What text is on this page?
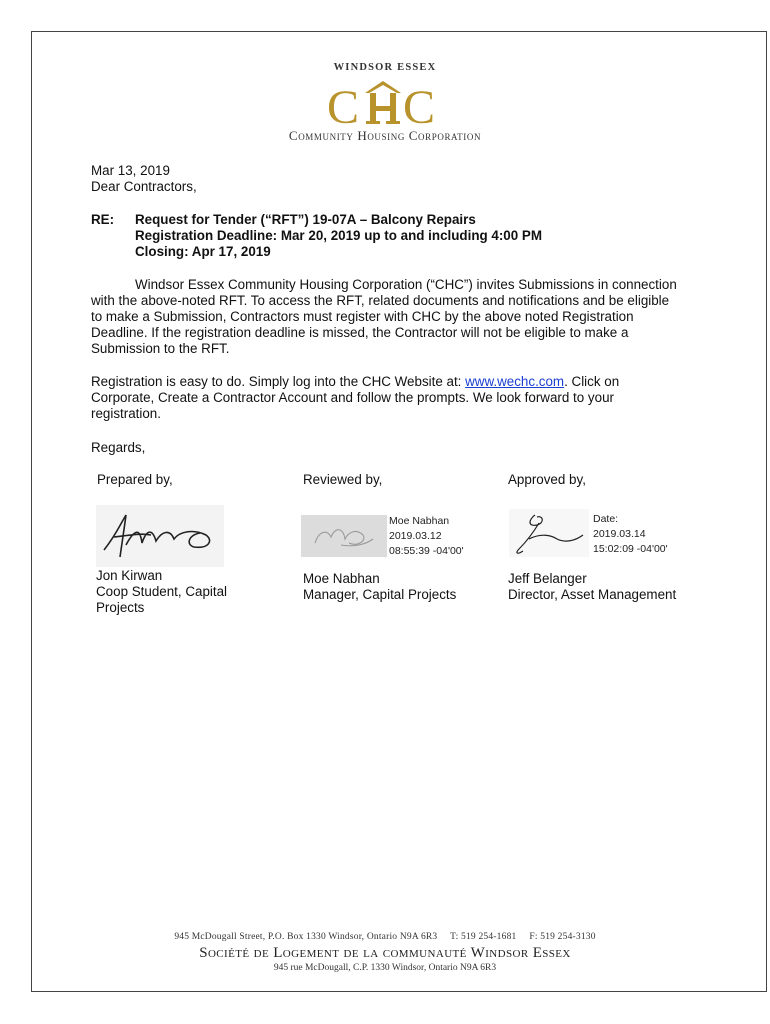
WINDSOR ESSEX
C C
Community Housing Corporation
Mar 13, 2019
Dear Contractors,
RE: Request for Tender (“RFT”) 19-07A – Balcony Repairs
Registration Deadline: Mar 20, 2019 up to and including 4:00 PM
Closing: Apr 17, 2019
Windsor Essex Community Housing Corporation (“CHC”) invites Submissions in connection
with the above-noted RFT. To access the RFT, related documents and notifications and be eligible
to make a Submission, Contractors must register with CHC by the above noted Registration
Deadline. If the registration deadline is missed, the Contractor will not be eligible to make a
Submission to the RFT.
Registration is easy to do. Simply log into the CHC Website at: www.wechc.com. Click on
Corporate, Create a Contractor Account and follow the prompts. We look forward to your
registration.
Regards,
Prepared by,
Jon Kirwan
Coop Student, Capital
Projects
Reviewed by,
Moe Nabhan
2019.03.12
08:55:39 -04'00'
Moe Nabhan
Manager, Capital Projects
Approved by,
Date:
2019.03.14
15:02:09 -04'00'
Jeff Belanger
Director, Asset Management
945 McDougall Street, P.O. Box 1330 Windsor, Ontario N9A 6R3     T: 519 254-1681     F: 519 254-3130
Société de Logement de la communauté Windsor Essex
945 rue McDougall, C.P. 1330 Windsor, Ontario N9A 6R3
